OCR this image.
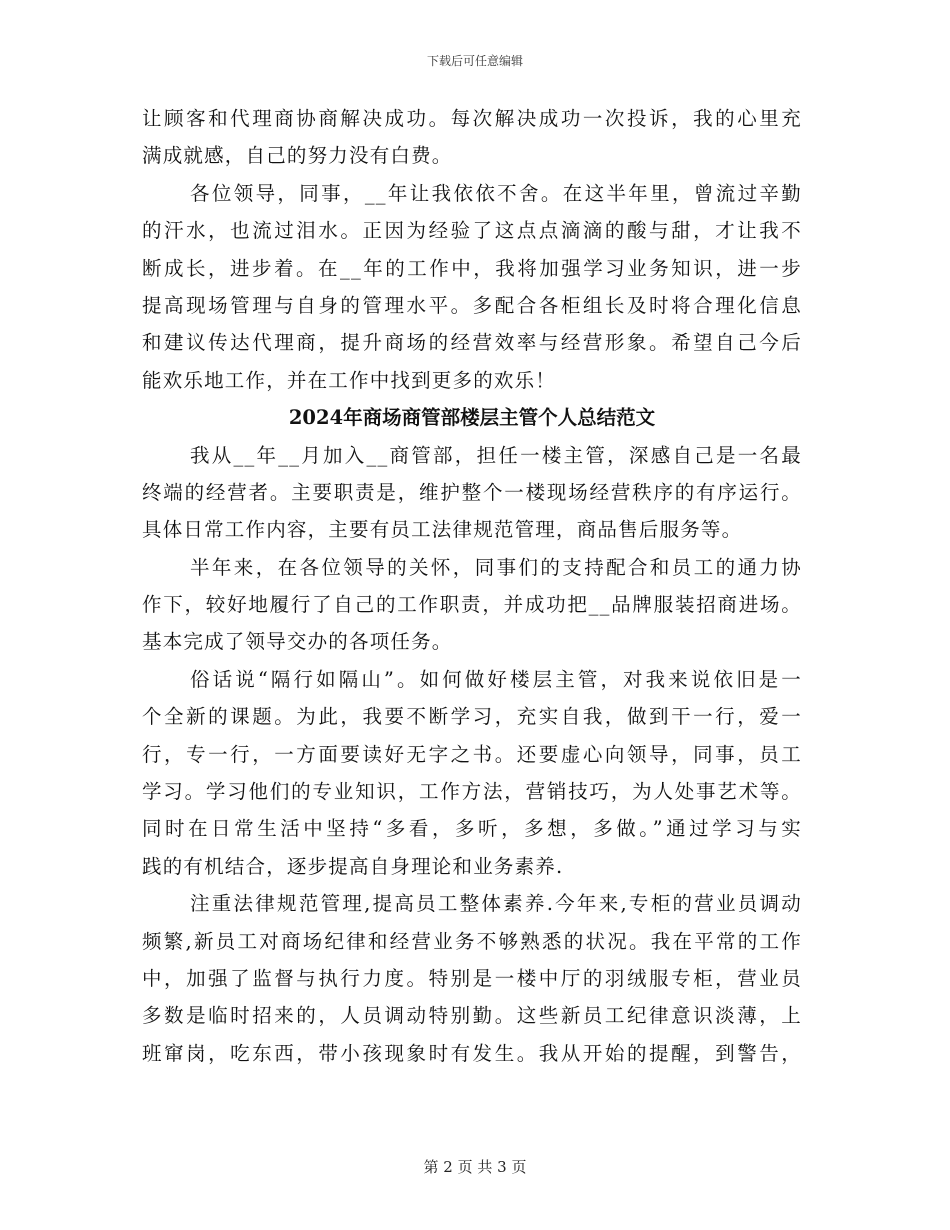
下载后可任意编辑
让顾客和代理商协商解决成功。每次解决成功一次投诉，我的心里充
满成就感，自己的努力没有白费。
各位领导，同事，__年让我依依不舍。在这半年里，曾流过辛勤
的汗水，也流过泪水。正因为经验了这点点滴滴的酸与甜，才让我不
断成长，进步着。在__年的工作中，我将加强学习业务知识，进一步
提高现场管理与自身的管理水平。多配合各柜组长及时将合理化信息
和建议传达代理商，提升商场的经营效率与经营形象。希望自己今后
能欢乐地工作，并在工作中找到更多的欢乐！
2024年商场商管部楼层主管个人总结范文
我从__年__月加入__商管部，担任一楼主管，深感自己是一名最
终端的经营者。主要职责是，维护整个一楼现场经营秩序的有序运行。
具体日常工作内容，主要有员工法律规范管理，商品售后服务等。
半年来，在各位领导的关怀，同事们的支持配合和员工的通力协
作下，较好地履行了自己的工作职责，并成功把__品牌服装招商进场。
基本完成了领导交办的各项任务。
俗话说“隔行如隔山”。如何做好楼层主管，对我来说依旧是一
个全新的课题。为此，我要不断学习，充实自我，做到干一行，爱一
行，专一行，一方面要读好无字之书。还要虚心向领导，同事，员工
学习。学习他们的专业知识，工作方法，营销技巧，为人处事艺术等。
同时在日常生活中坚持“多看，多听，多想，多做。”通过学习与实
践的有机结合，逐步提高自身理论和业务素养.
注重法律规范管理,提高员工整体素养.今年来,专柜的营业员调动
频繁,新员工对商场纪律和经营业务不够熟悉的状况。我在平常的工作
中，加强了监督与执行力度。特别是一楼中厅的羽绒服专柜，营业员
多数是临时招来的，人员调动特别勤。这些新员工纪律意识淡薄，上
班窜岗，吃东西，带小孩现象时有发生。我从开始的提醒，到警告，
第 2 页 共 3 页
